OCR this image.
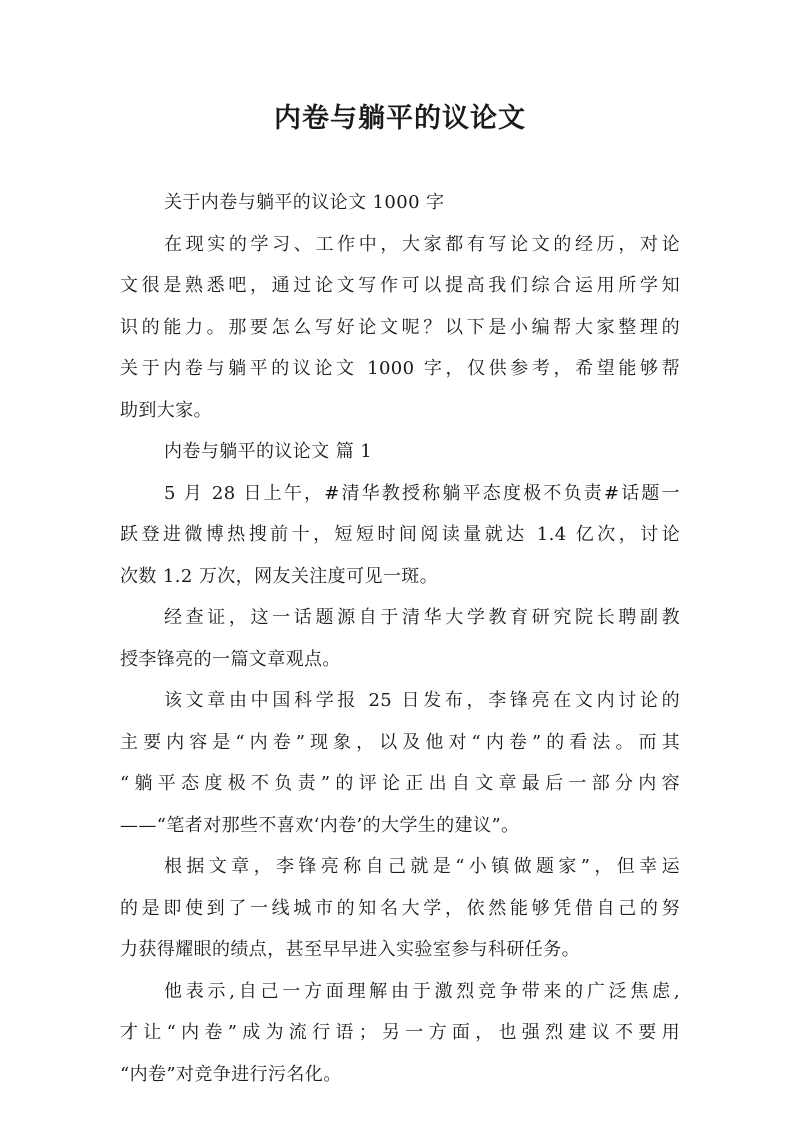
内卷与躺平的议论文
关于内卷与躺平的议论文 1000 字
在现实的学习、工作中，大家都有写论文的经历，对论
文很是熟悉吧，通过论文写作可以提高我们综合运用所学知
识的能力。那要怎么写好论文呢？以下是小编帮大家整理的
关于内卷与躺平的议论文 1000 字，仅供参考，希望能够帮
助到大家。
内卷与躺平的议论文 篇 1
5 月 28 日上午，#清华教授称躺平态度极不负责#话题一
跃登进微博热搜前十，短短时间阅读量就达 1.4 亿次，讨论
次数 1.2 万次，网友关注度可见一斑。
经查证，这一话题源自于清华大学教育研究院长聘副教
授李锋亮的一篇文章观点。
该文章由中国科学报 25 日发布，李锋亮在文内讨论的
主要内容是“内卷”现象，以及他对“内卷”的看法。而其
“躺平态度极不负责”的评论正出自文章最后一部分内容
——“笔者对那些不喜欢‘内卷’的大学生的建议”。
根据文章，李锋亮称自己就是“小镇做题家”，但幸运
的是即使到了一线城市的知名大学，依然能够凭借自己的努
力获得耀眼的绩点，甚至早早进入实验室参与科研任务。
他表示,自己一方面理解由于激烈竞争带来的广泛焦虑,
才让“内卷”成为流行语；另一方面，也强烈建议不要用
“内卷”对竞争进行污名化。
